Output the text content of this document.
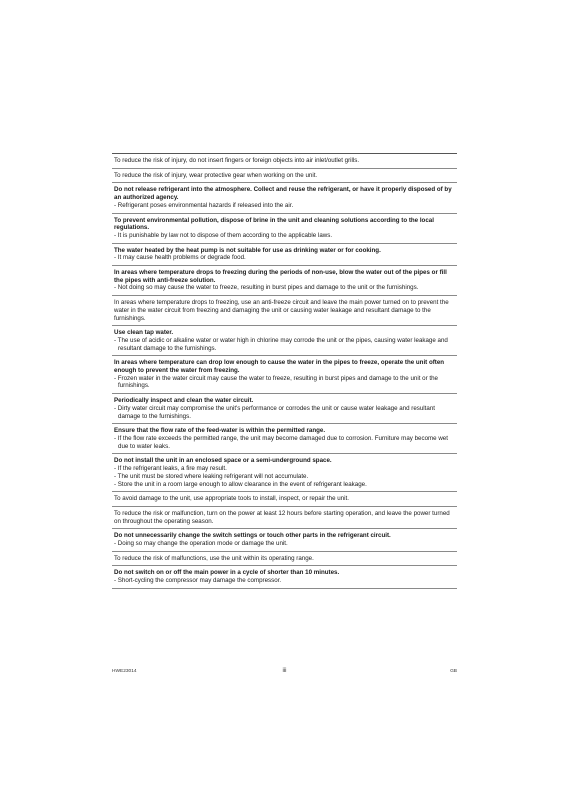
To reduce the risk of injury, do not insert fingers or foreign objects into air inlet/outlet grills.

To reduce the risk of injury, wear protective gear when working on the unit.

Do not release refrigerant into the atmosphere. Collect and reuse the refrigerant, or have it properly disposed of by an authorized agency.

- Refrigerant poses environmental hazards if released into the air.

To prevent environmental pollution, dispose of brine in the unit and cleaning solutions according to the local regulations.

- It is punishable by law not to dispose of them according to the applicable laws.

The water heated by the heat pump is not suitable for use as drinking water or for cooking.

- It may cause health problems or degrade food.

In areas where temperature drops to freezing during the periods of non-use, blow the water out of the pipes or fill the pipes with anti-freeze solution.

- Not doing so may cause the water to freeze, resulting in burst pipes and damage to the unit or the furnishings.

In areas where temperature drops to freezing, use an anti-freeze circuit and leave the main power turned on to prevent the water in the water circuit from freezing and damaging the unit or causing water leakage and resultant damage to the furnishings.

Use clean tap water.

- The use of acidic or alkaline water or water high in chlorine may corrode the unit or the pipes, causing water leakage and resultant damage to the furnishings.

In areas where temperature can drop low enough to cause the water in the pipes to freeze, operate the unit often enough to prevent the water from freezing.

- Frozen water in the water circuit may cause the water to freeze, resulting in burst pipes and damage to the unit or the furnishings.

Periodically inspect and clean the water circuit.

- Dirty water circuit may compromise the unit's performance or corrodes the unit or cause water leakage and resultant damage to the furnishings.

Ensure that the flow rate of the feed-water is within the permitted range.

- If the flow rate exceeds the permitted range, the unit may become damaged due to corrosion. Furniture may become wet due to water leaks.

Do not install the unit in an enclosed space or a semi-underground space.

- If the refrigerant leaks, a fire may result.

- The unit must be stored where leaking refrigerant will not accumulate.

- Store the unit in a room large enough to allow clearance in the event of refrigerant leakage.

To avoid damage to the unit, use appropriate tools to install, inspect, or repair the unit.

To reduce the risk or malfunction, turn on the power at least 12 hours before starting operation, and leave the power turned on throughout the operating season.

Do not unnecessarily change the switch settings or touch other parts in the refrigerant circuit.

- Doing so may change the operation mode or damage the unit.

To reduce the risk of malfunctions, use the unit within its operating range.

Do not switch on or off the main power in a cycle of shorter than 10 minutes.

- Short-cycling the compressor may damage the compressor.

HWE23014	iii	GB
